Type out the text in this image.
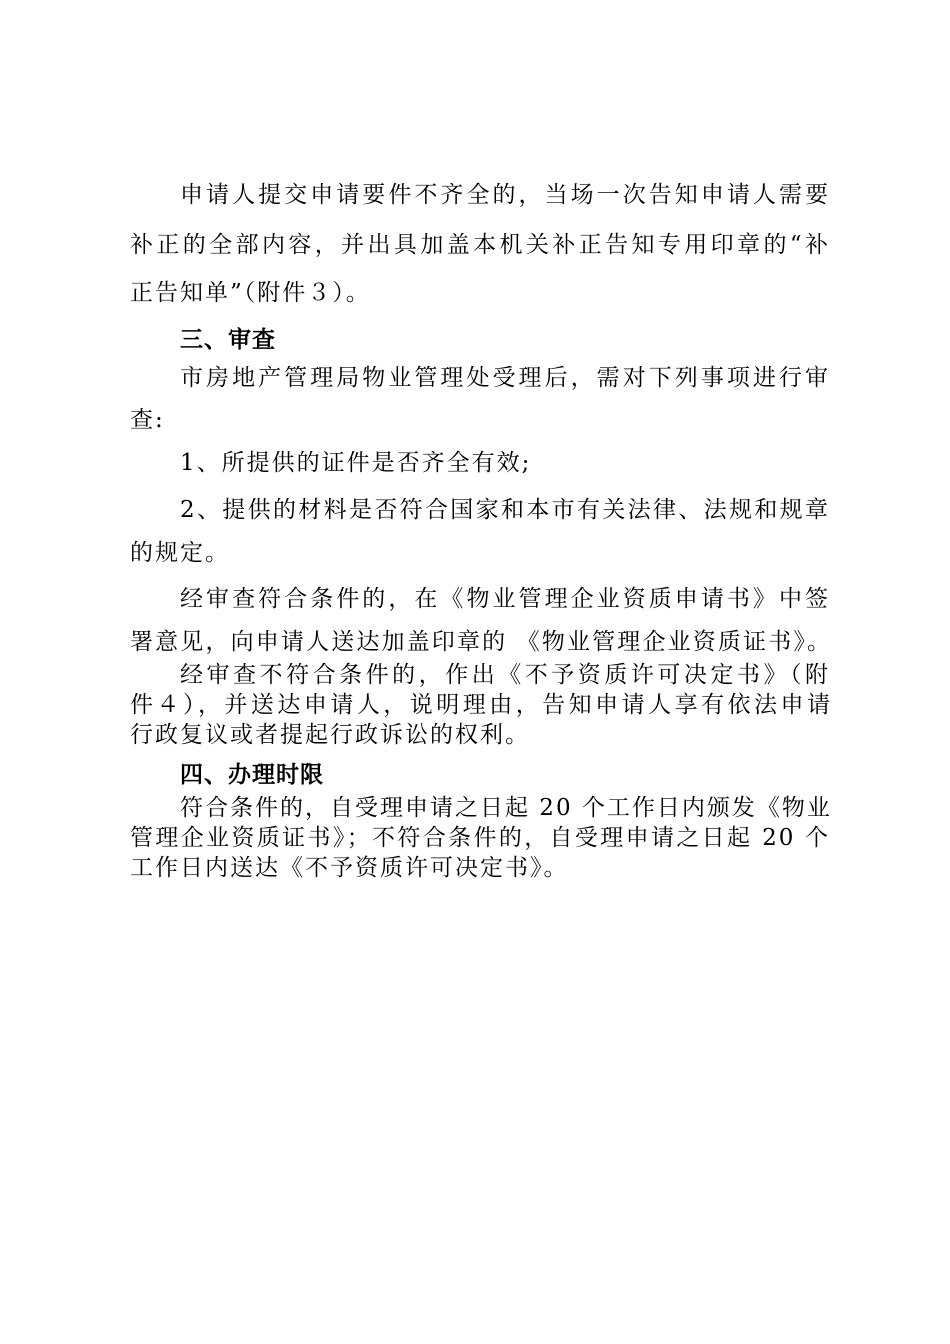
申请人提交申请要件不齐全的，当场一次告知申请人需要
补正的全部内容，并出具加盖本机关补正告知专用印章的“补
正告知单”（附件３）。
三、审查
市房地产管理局物业管理处受理后，需对下列事项进行审
查:
1、所提供的证件是否齐全有效;
2、提供的材料是否符合国家和本市有关法律、法规和规章
的规定。
经审查符合条件的，在《物业管理企业资质申请书》中签
署意见，向申请人送达加盖印章的 《物业管理企业资质证书》。
经审查不符合条件的，作出《不予资质许可决定书》（附
件４），并送达申请人，说明理由，告知申请人享有依法申请
行政复议或者提起行政诉讼的权利。
四、办理时限
符合条件的，自受理申请之日起 20 个工作日内颁发《物业
管理企业资质证书》；不符合条件的，自受理申请之日起 20 个
工作日内送达《不予资质许可决定书》。
